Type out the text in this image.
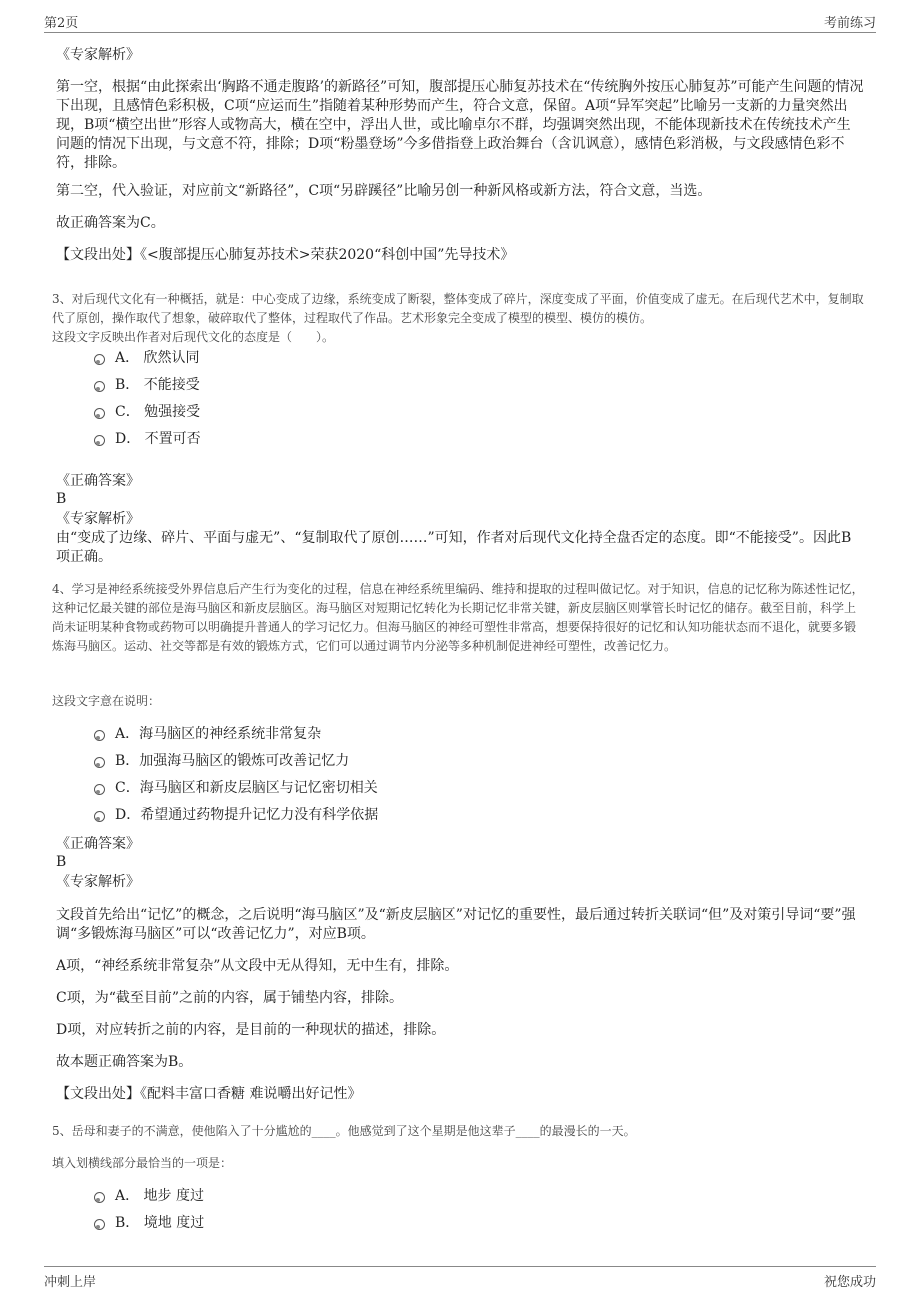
第2页	考前练习
《专家解析》

第一空，根据“由此探索出‘胸路不通走腹路’的新路径”可知，腹部提压心肺复苏技术在“传统胸外按压心肺复苏”可能产生问题的情况下出现，且感情色彩积极，C项“应运而生”指随着某种形势而产生，符合文意，保留。A项“异军突起”比喻另一支新的力量突然出现，B项“横空出世”形容人或物高大，横在空中，浮出人世，或比喻卓尔不群，均强调突然出现，不能体现新技术在传统技术产生问题的情况下出现，与文意不符，排除；D项“粉墨登场”今多借指登上政治舞台（含讥讽意），感情色彩消极，与文段感情色彩不符，排除。

第二空，代入验证，对应前文“新路径”，C项“另辟蹊径”比喻另创一种新风格或新方法，符合文意，当选。

故正确答案为C。

【文段出处】《<腹部提压心肺复苏技术>荣获2020“科创中国”先导技术》

3、对后现代文化有一种概括，就是：中心变成了边缘，系统变成了断裂，整体变成了碎片，深度变成了平面，价值变成了虚无。在后现代艺术中，复制取代了原创，操作取代了想象，破碎取代了整体，过程取代了作品。艺术形象完全变成了模型的模型、模仿的模仿。

这段文字反映出作者对后现代文化的态度是（　　）。

A． 欣然认同
B． 不能接受
C． 勉强接受
D． 不置可否
《正确答案》
B
《专家解析》

由“变成了边缘、碎片、平面与虚无”、“复制取代了原创……”可知，作者对后现代文化持全盘否定的态度。即“不能接受”。因此B项正确。

4、学习是神经系统接受外界信息后产生行为变化的过程，信息在神经系统里编码、维持和提取的过程叫做记忆。对于知识，信息的记忆称为陈述性记忆，这种记忆最关键的部位是海马脑区和新皮层脑区。海马脑区对短期记忆转化为长期记忆非常关键，新皮层脑区则掌管长时记忆的储存。截至目前，科学上尚未证明某种食物或药物可以明确提升普通人的学习记忆力。但海马脑区的神经可塑性非常高，想要保持很好的记忆和认知功能状态而不退化，就要多锻炼海马脑区。运动、社交等都是有效的锻炼方式，它们可以通过调节内分泌等多种机制促进神经可塑性，改善记忆力。

这段文字意在说明：

A．海马脑区的神经系统非常复杂
B．加强海马脑区的锻炼可改善记忆力
C．海马脑区和新皮层脑区与记忆密切相关
D．希望通过药物提升记忆力没有科学依据
《正确答案》
B
《专家解析》

文段首先给出“记忆”的概念，之后说明“海马脑区”及“新皮层脑区”对记忆的重要性，最后通过转折关联词“但”及对策引导词“要”强调“多锻炼海马脑区”可以“改善记忆力”，对应B项。

A项，“神经系统非常复杂”从文段中无从得知，无中生有，排除。

C项，为“截至目前”之前的内容，属于铺垫内容，排除。

D项，对应转折之前的内容，是目前的一种现状的描述，排除。

故本题正确答案为B。

【文段出处】《配料丰富口香糖 难说嚼出好记性》

5、岳母和妻子的不满意，使他陷入了十分尴尬的____。他感觉到了这个星期是他这辈子____的最漫长的一天。

填入划横线部分最恰当的一项是：

A． 地步 度过
B． 境地 度过
冲刺上岸	祝您成功
